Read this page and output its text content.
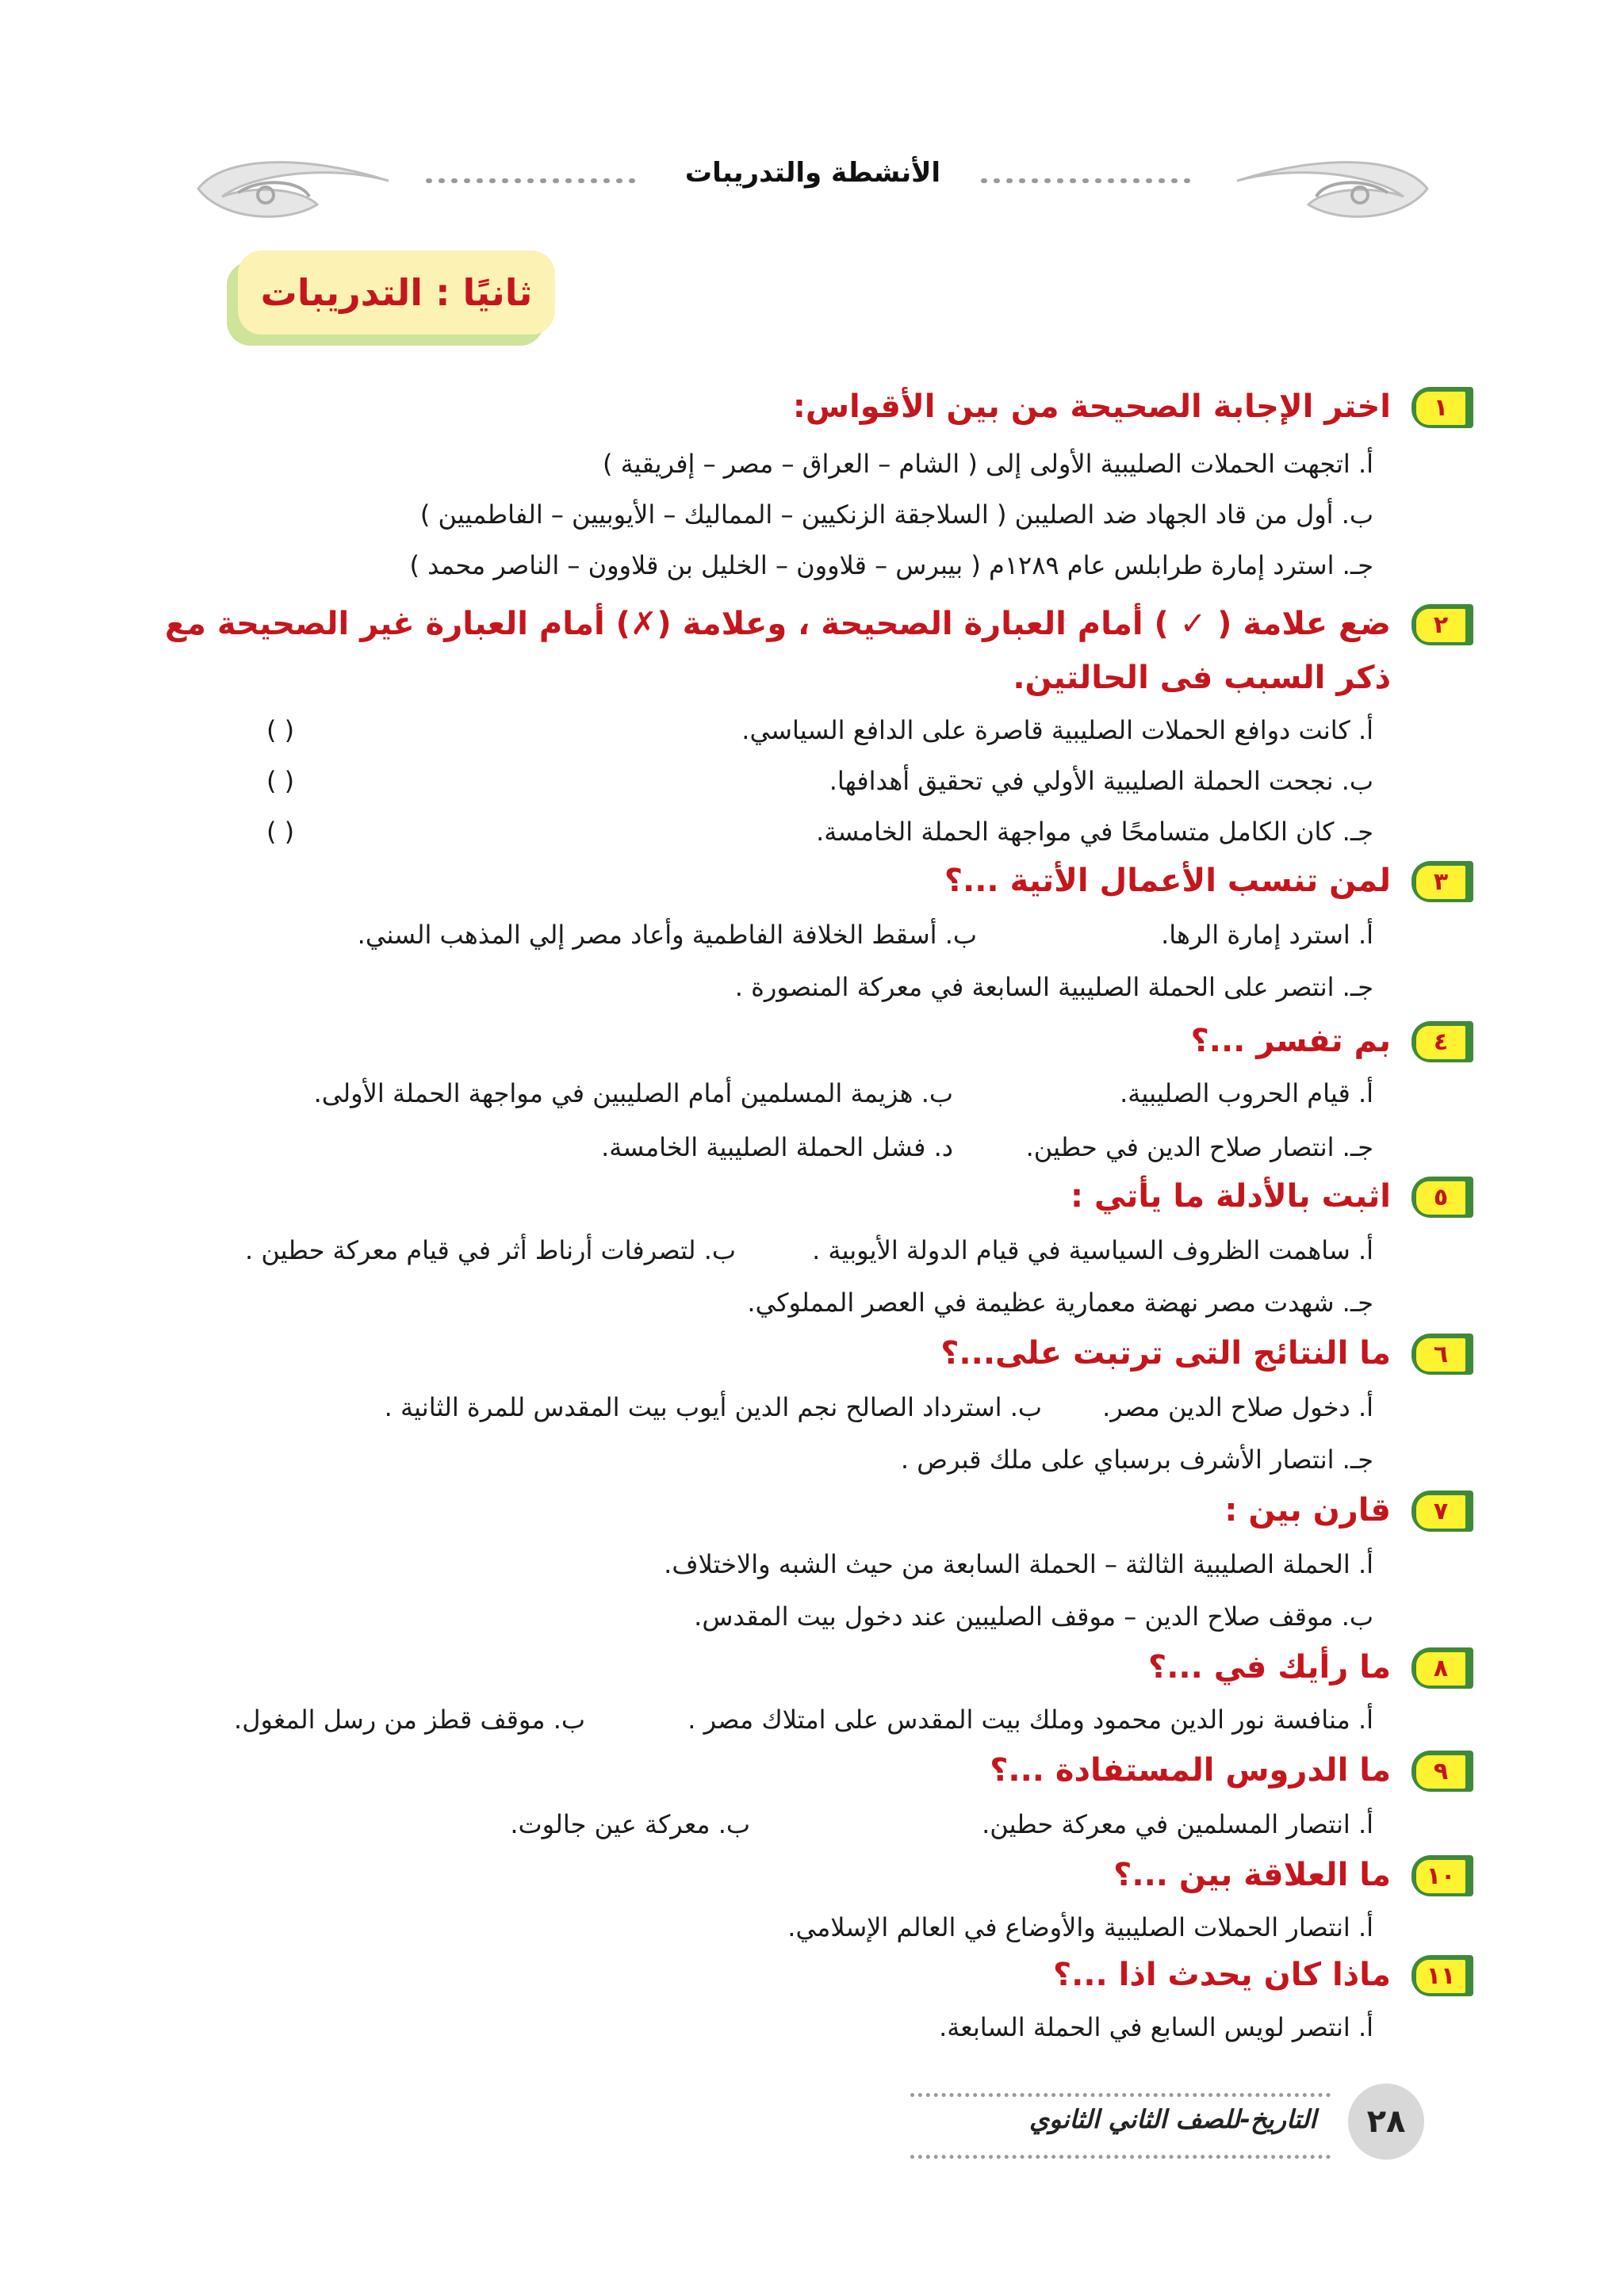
الأنشطة والتدريبات
ثانيًا : التدريبات
١
اختر الإجابة الصحيحة من بين الأقواس:
أ. اتجهت الحملات الصليبية الأولى إلى ( الشام – العراق – مصر – إفريقية )
ب. أول من قاد الجهاد ضد الصليبن ( السلاجقة الزنكيين – المماليك – الأيوبيين – الفاطميين )
جـ. استرد إمارة طرابلس عام ١٢٨٩م ( بيبرس – قلاوون – الخليل بن قلاوون – الناصر محمد )
٢
ضع علامة ( ✓ ) أمام العبارة الصحيحة ، وعلامة (✗) أمام العبارة غير الصحيحة مع
ذكر السبب فى الحالتين.
أ. كانت دوافع الحملات الصليبية قاصرة على الدافع السياسي.
( )
ب. نجحت الحملة الصليبية الأولي في تحقيق أهدافها.
( )
جـ. كان الكامل متسامحًا في مواجهة الحملة الخامسة.
( )
٣
لمن تنسب الأعمال الأتية ...؟
أ. استرد إمارة الرها.
ب. أسقط الخلافة الفاطمية وأعاد مصر إلي المذهب السني.
جـ. انتصر على الحملة الصليبية السابعة في معركة المنصورة .
٤
بم تفسر ...؟
أ. قيام الحروب الصليبية.
ب. هزيمة المسلمين أمام الصليبين في مواجهة الحملة الأولى.
جـ. انتصار صلاح الدين في حطين.
د. فشل الحملة الصليبية الخامسة.
٥
اثبت بالأدلة ما يأتي :
أ. ساهمت الظروف السياسية في قيام الدولة الأيوبية .
ب. لتصرفات أرناط أثر في قيام معركة حطين .
جـ. شهدت مصر نهضة معمارية عظيمة في العصر المملوكي.
٦
ما النتائج التى ترتبت على...؟
أ. دخول صلاح الدين مصر.
ب. استرداد الصالح نجم الدين أيوب بيت المقدس للمرة الثانية .
جـ. انتصار الأشرف برسباي على ملك قبرص .
٧
قارن بين :
أ. الحملة الصليبية الثالثة – الحملة السابعة من حيث الشبه والاختلاف.
ب. موقف صلاح الدين – موقف الصليبين عند دخول بيت المقدس.
٨
ما رأيك في ...؟
أ. منافسة نور الدين محمود وملك بيت المقدس على امتلاك مصر .
ب. موقف قطز من رسل المغول.
٩
ما الدروس المستفادة ...؟
أ. انتصار المسلمين في معركة حطين.
ب. معركة عين جالوت.
١٠
ما العلاقة بين ...؟
أ. انتصار الحملات الصليبية والأوضاع في العالم الإسلامي.
١١
ماذا كان يحدث اذا ...؟
أ. انتصر لويس السابع في الحملة السابعة.
التاريخ-للصف الثاني الثانوي	٢٨
